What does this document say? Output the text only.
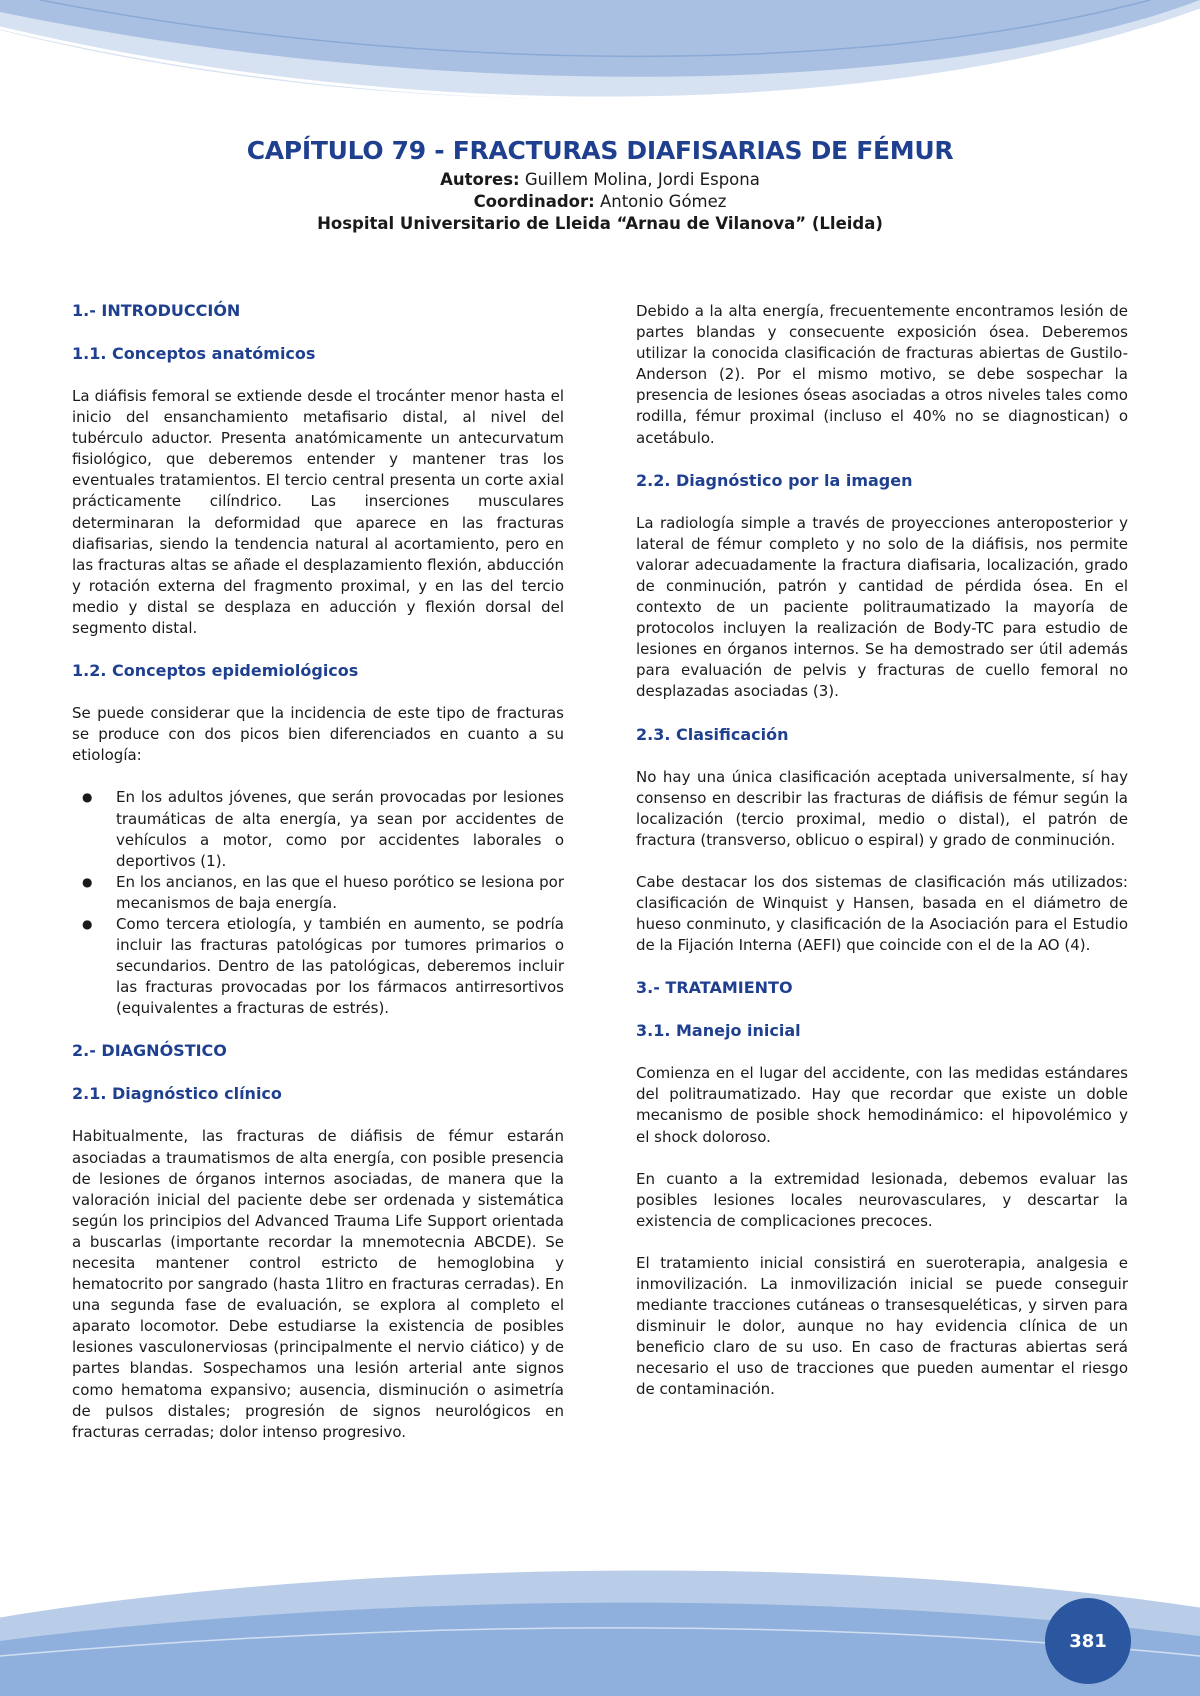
CAPÍTULO 79 - FRACTURAS DIAFISARIAS DE FÉMUR

Autores: Guillem Molina, Jordi Espona

Coordinador: Antonio Gómez

Hospital Universitario de Lleida “Arnau de Vilanova” (Lleida)

1.- INTRODUCCIÓN
1.1. Conceptos anatómicos

La diáfisis femoral se extiende desde el trocánter menor hasta el inicio del ensanchamiento metafisario distal, al nivel del tubérculo aductor. Presenta anatómicamente un antecurvatum fisiológico, que deberemos entender y mantener tras los eventuales tratamientos. El tercio central presenta un corte axial prácticamente cilíndrico. Las inserciones musculares determinaran la deformidad que aparece en las fracturas diafisarias, siendo la tendencia natural al acortamiento, pero en las fracturas altas se añade el desplazamiento flexión, abducción y rotación externa del fragmento proximal, y en las del tercio medio y distal se desplaza en aducción y flexión dorsal del segmento distal.

1.2. Conceptos epidemiológicos

Se puede considerar que la incidencia de este tipo de fracturas se produce con dos picos bien diferenciados en cuanto a su etiología:

● En los adultos jóvenes, que serán provocadas por lesiones traumáticas de alta energía, ya sean por accidentes de vehículos a motor, como por accidentes laborales o deportivos (1).
● En los ancianos, en las que el hueso porótico se lesiona por mecanismos de baja energía.
● Como tercera etiología, y también en aumento, se podría incluir las fracturas patológicas por tumores primarios o secundarios. Dentro de las patológicas, deberemos incluir las fracturas provocadas por los fármacos antirresortivos (equivalentes a fracturas de estrés).
2.- DIAGNÓSTICO
2.1. Diagnóstico clínico

Habitualmente, las fracturas de diáfisis de fémur estarán asociadas a traumatismos de alta energía, con posible presencia de lesiones de órganos internos asociadas, de manera que la valoración inicial del paciente debe ser ordenada y sistemática según los principios del Advanced Trauma Life Support orientada a buscarlas (importante recordar la mnemotecnia ABCDE). Se necesita mantener control estricto de hemoglobina y hematocrito por sangrado (hasta 1litro en fracturas cerradas). En una segunda fase de evaluación, se explora al completo el aparato locomotor. Debe estudiarse la existencia de posibles lesiones vasculonerviosas (principalmente el nervio ciático) y de partes blandas. Sospechamos una lesión arterial ante signos como hematoma expansivo; ausencia, disminución o asimetría de pulsos distales; progresión de signos neurológicos en fracturas cerradas; dolor intenso progresivo.

Debido a la alta energía, frecuentemente encontramos lesión de partes blandas y consecuente exposición ósea. Deberemos utilizar la conocida clasificación de fracturas abiertas de Gustilo-Anderson (2). Por el mismo motivo, se debe sospechar la presencia de lesiones óseas asociadas a otros niveles tales como rodilla, fémur proximal (incluso el 40% no se diagnostican) o acetábulo.

2.2. Diagnóstico por la imagen

La radiología simple a través de proyecciones anteroposterior y lateral de fémur completo y no solo de la diáfisis, nos permite valorar adecuadamente la fractura diafisaria, localización, grado de conminución, patrón y cantidad de pérdida ósea. En el contexto de un paciente politraumatizado la mayoría de protocolos incluyen la realización de Body-TC para estudio de lesiones en órganos internos. Se ha demostrado ser útil además para evaluación de pelvis y fracturas de cuello femoral no desplazadas asociadas (3).

2.3. Clasificación

No hay una única clasificación aceptada universalmente, sí hay consenso en describir las fracturas de diáfisis de fémur según la localización (tercio proximal, medio o distal), el patrón de fractura (transverso, oblicuo o espiral) y grado de conminución.

Cabe destacar los dos sistemas de clasificación más utilizados: clasificación de Winquist y Hansen, basada en el diámetro de hueso conminuto, y clasificación de la Asociación para el Estudio de la Fijación Interna (AEFI) que coincide con el de la AO (4).

3.- TRATAMIENTO
3.1. Manejo inicial

Comienza en el lugar del accidente, con las medidas estándares del politraumatizado. Hay que recordar que existe un doble mecanismo de posible shock hemodinámico: el hipovolémico y el shock doloroso.

En cuanto a la extremidad lesionada, debemos evaluar las posibles lesiones locales neurovasculares, y descartar la existencia de complicaciones precoces.

El tratamiento inicial consistirá en sueroterapia, analgesia e inmovilización. La inmovilización inicial se puede conseguir mediante tracciones cutáneas o transesqueléticas, y sirven para disminuir le dolor, aunque no hay evidencia clínica de un beneficio claro de su uso. En caso de fracturas abiertas será necesario el uso de tracciones que pueden aumentar el riesgo de contaminación.

381
